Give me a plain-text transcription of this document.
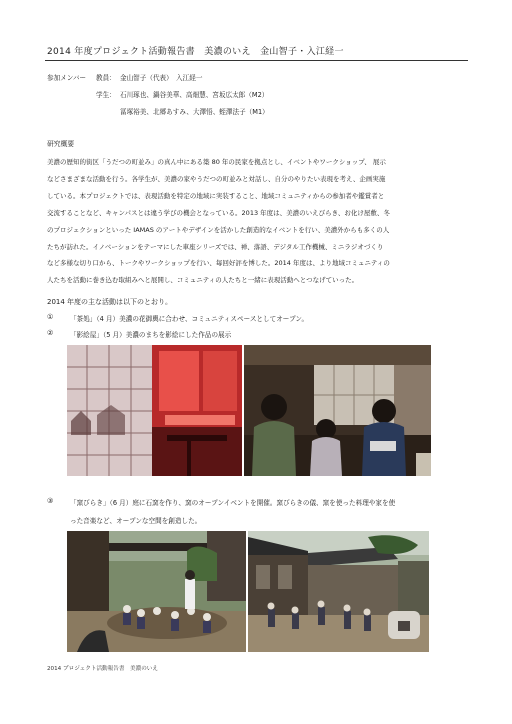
2014 年度プロジェクト活動報告書　美濃のいえ　金山智子・入江経一
参加メンバー 教員： 金山智子（代表）　入江経一
学生： 石川琢也、鍋谷美華、高畑慧、宮坂広太郎（M2）
冨塚裕美、北郷あすみ、大澤悟、蛭澤法子（M1）
研究概要
美濃の歴知的街区「うだつの町並み」の真ん中にある築 80 年の民家を拠点とし、イベントやワークショップ、 展示
などさまざまな活動を行う。各学生が、美濃の家やうだつの町並みと対話し、自分のやりたい表現を考え、企画実施
している。本プロジェクトでは、表現活動を特定の地域に実装すること、地域コミュニティからの参加者や鑑賞者と
交流することなど、キャンパスとは違う学びの機会となっている。2013 年度は、美濃のいえびらき、お化け屋敷、冬
のプロジェクションといった IAMAS のアートやデザインを活かした創造的なイベントを行い、美濃外からも多くの人
たちが訪れた。イノベーションをテーマにした車座シリーズでは、禅、落語、デジタル工作機械、ミニラジオづくり
など多様な切り口から、トークやワークショップを行い、毎回好評を博した。2014 年度は、より地域コミュニティの
人たちを活動に巻き込む取組みへと展開し、コミュニティの人たちと一緒に表現活動へとつなげていった。
2014 年度の主な活動は以下のとおり。
①	「茶処」（4 月）美濃の花御輿に合わせ、コミュニティスペースとしてオープン。
②	「影絵屋」（5 月）美濃のまちを影絵にした作品の展示
③	「窯びらき」（6 月）庭に石窯を作り、窯のオープンイベントを開催。窯びらきの儀、窯を使った料理や家を使
った音楽など、オープンな空間を創造した。
2014 プロジェクト活動報告書　美濃のいえ
